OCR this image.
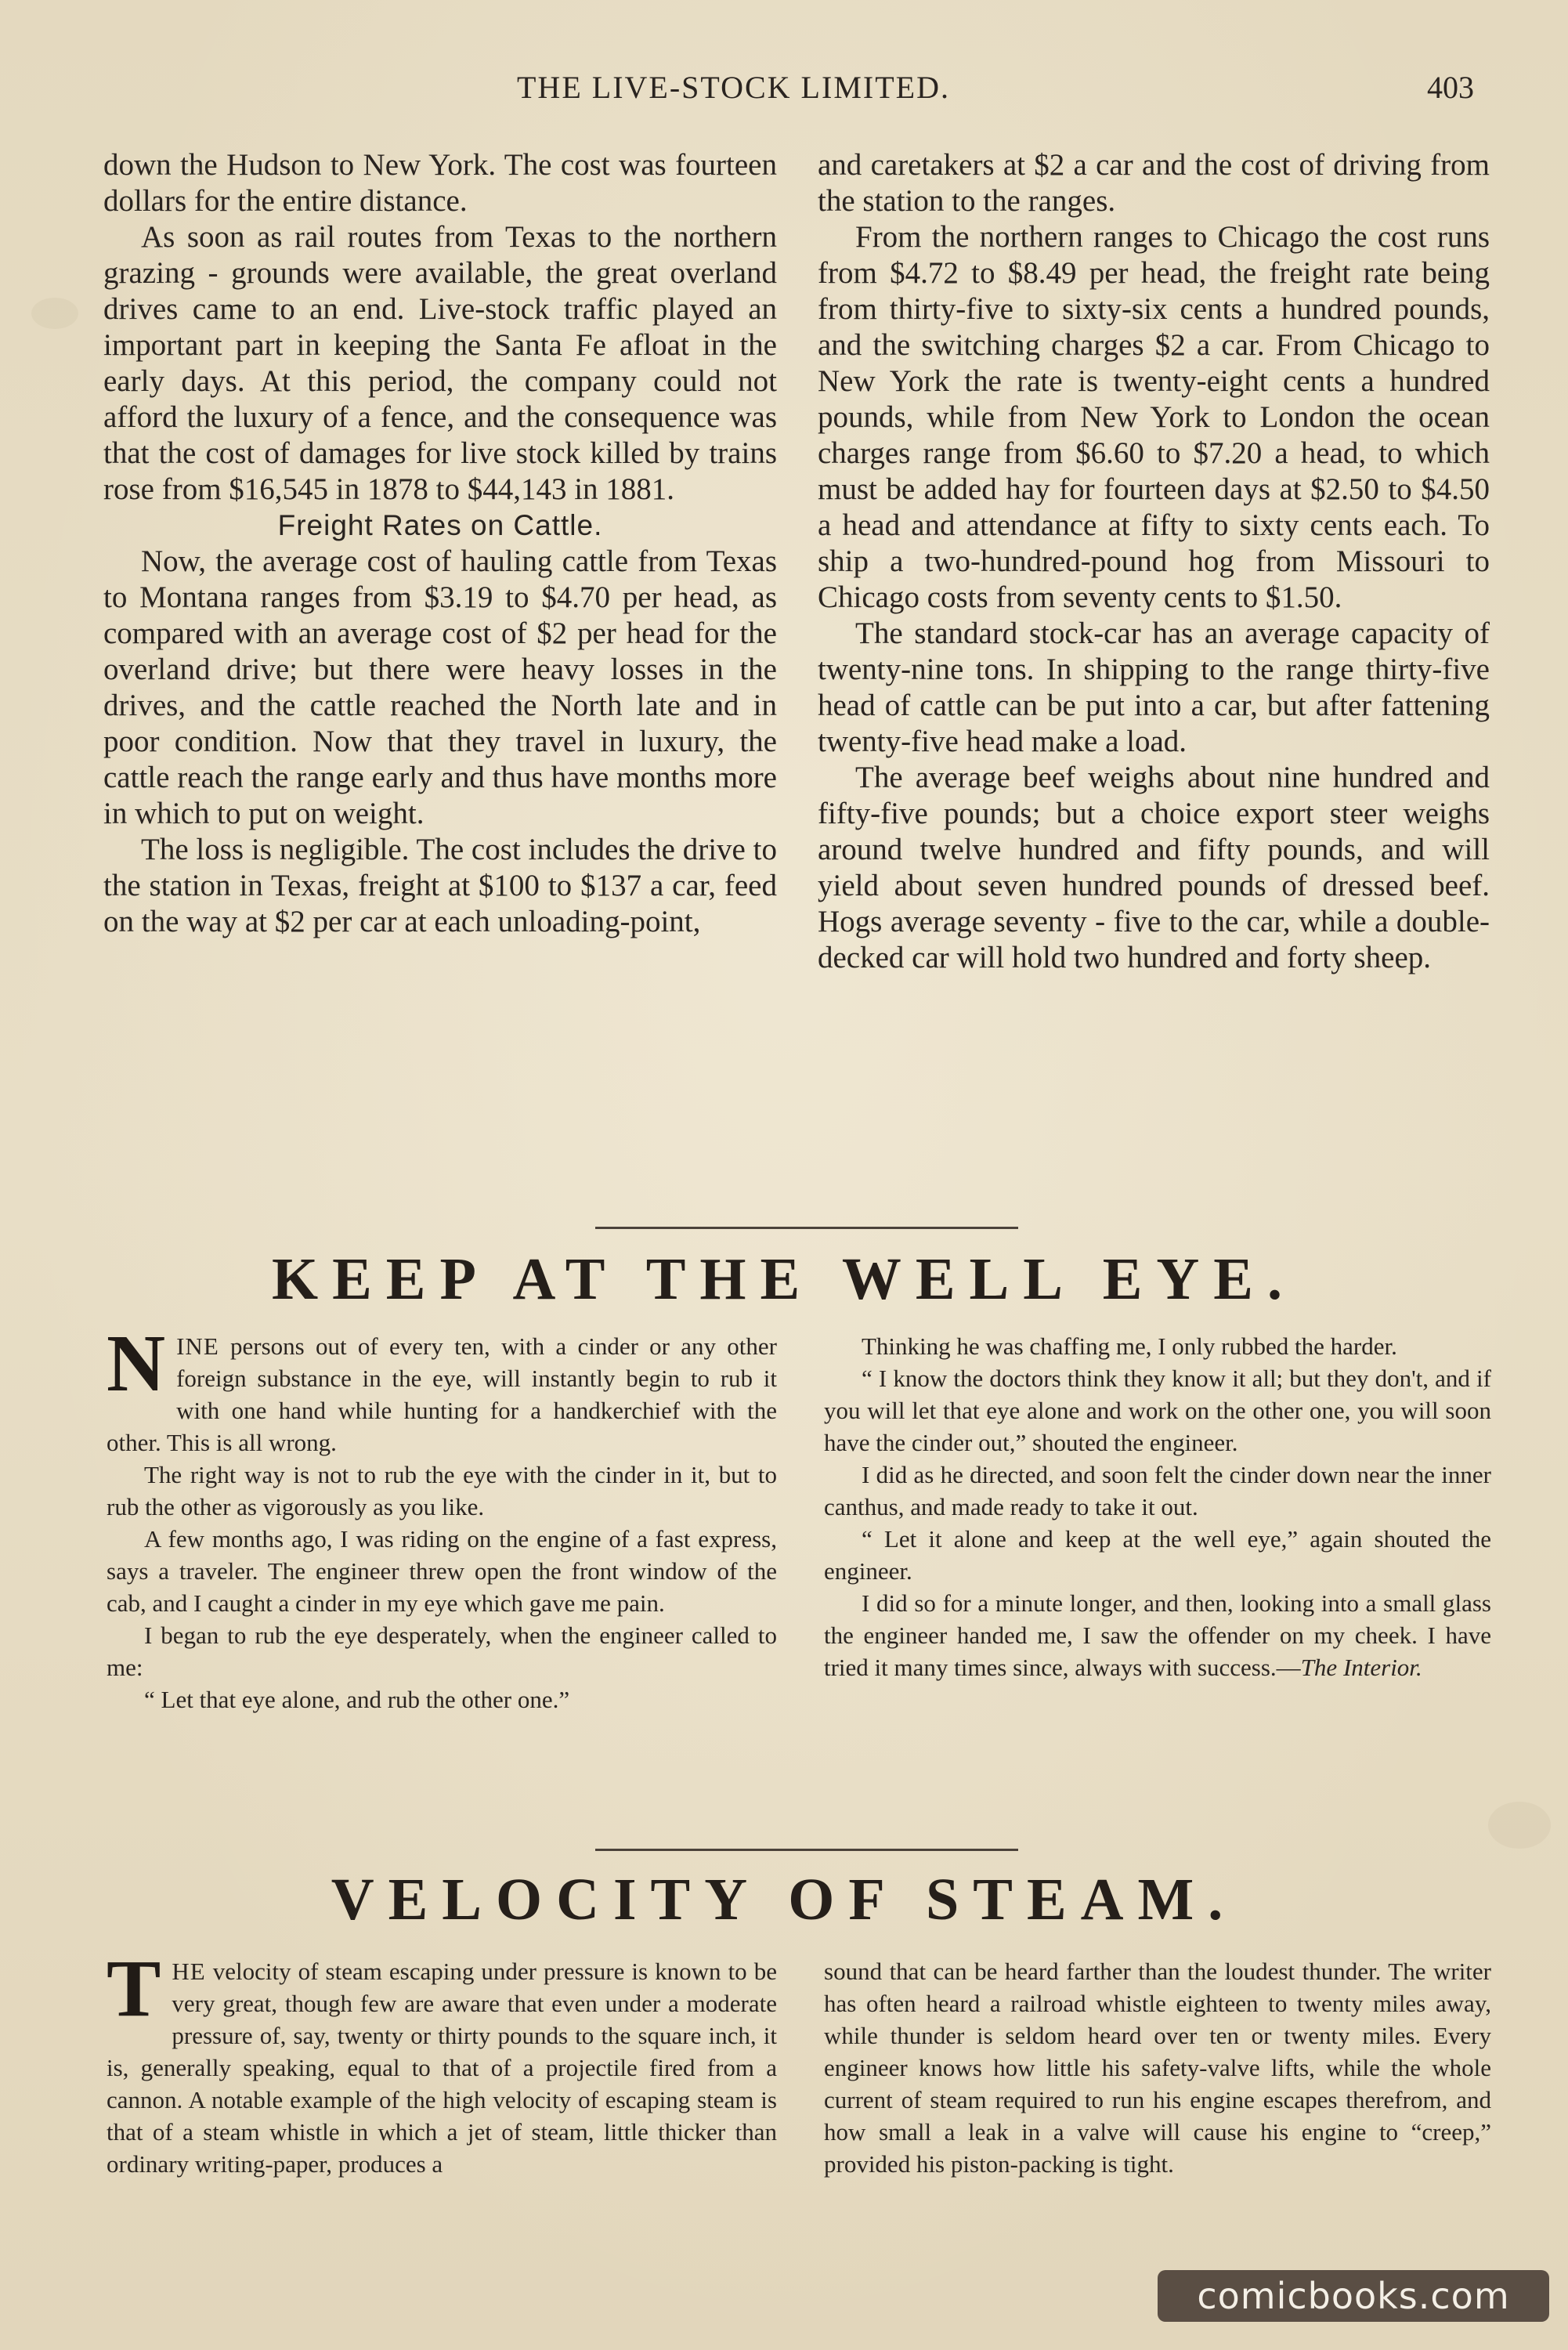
THE LIVE-STOCK LIMITED.	403

down the Hudson to New York. The cost was fourteen dollars for the entire distance.

As soon as rail routes from Texas to the northern grazing - grounds were available, the great overland drives came to an end. Live-stock traffic played an important part in keeping the Santa Fe afloat in the early days. At this period, the company could not afford the luxury of a fence, and the consequence was that the cost of damages for live stock killed by trains rose from $16,545 in 1878 to $44,143 in 1881.

Freight Rates on Cattle.

Now, the average cost of hauling cattle from Texas to Montana ranges from $3.19 to $4.70 per head, as compared with an average cost of $2 per head for the overland drive; but there were heavy losses in the drives, and the cattle reached the North late and in poor condition. Now that they travel in luxury, the cattle reach the range early and thus have months more in which to put on weight.

The loss is negligible. The cost includes the drive to the station in Texas, freight at $100 to $137 a car, feed on the way at $2 per car at each unloading-point,

and caretakers at $2 a car and the cost of driving from the station to the ranges.

From the northern ranges to Chicago the cost runs from $4.72 to $8.49 per head, the freight rate being from thirty-five to sixty-six cents a hundred pounds, and the switching charges $2 a car. From Chicago to New York the rate is twenty-eight cents a hundred pounds, while from New York to London the ocean charges range from $6.60 to $7.20 a head, to which must be added hay for fourteen days at $2.50 to $4.50 a head and attendance at fifty to sixty cents each. To ship a two-hundred-pound hog from Missouri to Chicago costs from seventy cents to $1.50.

The standard stock-car has an average capacity of twenty-nine tons. In shipping to the range thirty-five head of cattle can be put into a car, but after fattening twenty-five head make a load.

The average beef weighs about nine hundred and fifty-five pounds; but a choice export steer weighs around twelve hundred and fifty pounds, and will yield about seven hundred pounds of dressed beef. Hogs average seventy - five to the car, while a double-decked car will hold two hundred and forty sheep.

KEEP AT THE WELL EYE.

NINE persons out of every ten, with a cinder or any other foreign substance in the eye, will instantly begin to rub it with one hand while hunting for a handkerchief with the other. This is all wrong.

The right way is not to rub the eye with the cinder in it, but to rub the other as vigorously as you like.

A few months ago, I was riding on the engine of a fast express, says a traveler. The engineer threw open the front window of the cab, and I caught a cinder in my eye which gave me pain.

I began to rub the eye desperately, when the engineer called to me:

“ Let that eye alone, and rub the other one.”

Thinking he was chaffing me, I only rubbed the harder.

“ I know the doctors think they know it all; but they don't, and if you will let that eye alone and work on the other one, you will soon have the cinder out,” shouted the engineer.

I did as he directed, and soon felt the cinder down near the inner canthus, and made ready to take it out.

“ Let it alone and keep at the well eye,” again shouted the engineer.

I did so for a minute longer, and then, looking into a small glass the engineer handed me, I saw the offender on my cheek. I have tried it many times since, always with success.—The Interior.

VELOCITY OF STEAM.

THE velocity of steam escaping under pressure is known to be very great, though few are aware that even under a moderate pressure of, say, twenty or thirty pounds to the square inch, it is, generally speaking, equal to that of a projectile fired from a cannon. A notable example of the high velocity of escaping steam is that of a steam whistle in which a jet of steam, little thicker than ordinary writing-paper, produces a

sound that can be heard farther than the loudest thunder. The writer has often heard a railroad whistle eighteen to twenty miles away, while thunder is seldom heard over ten or twenty miles. Every engineer knows how little his safety-valve lifts, while the whole current of steam required to run his engine escapes therefrom, and how small a leak in a valve will cause his engine to “creep,” provided his piston-packing is tight.

comicbooks.com
